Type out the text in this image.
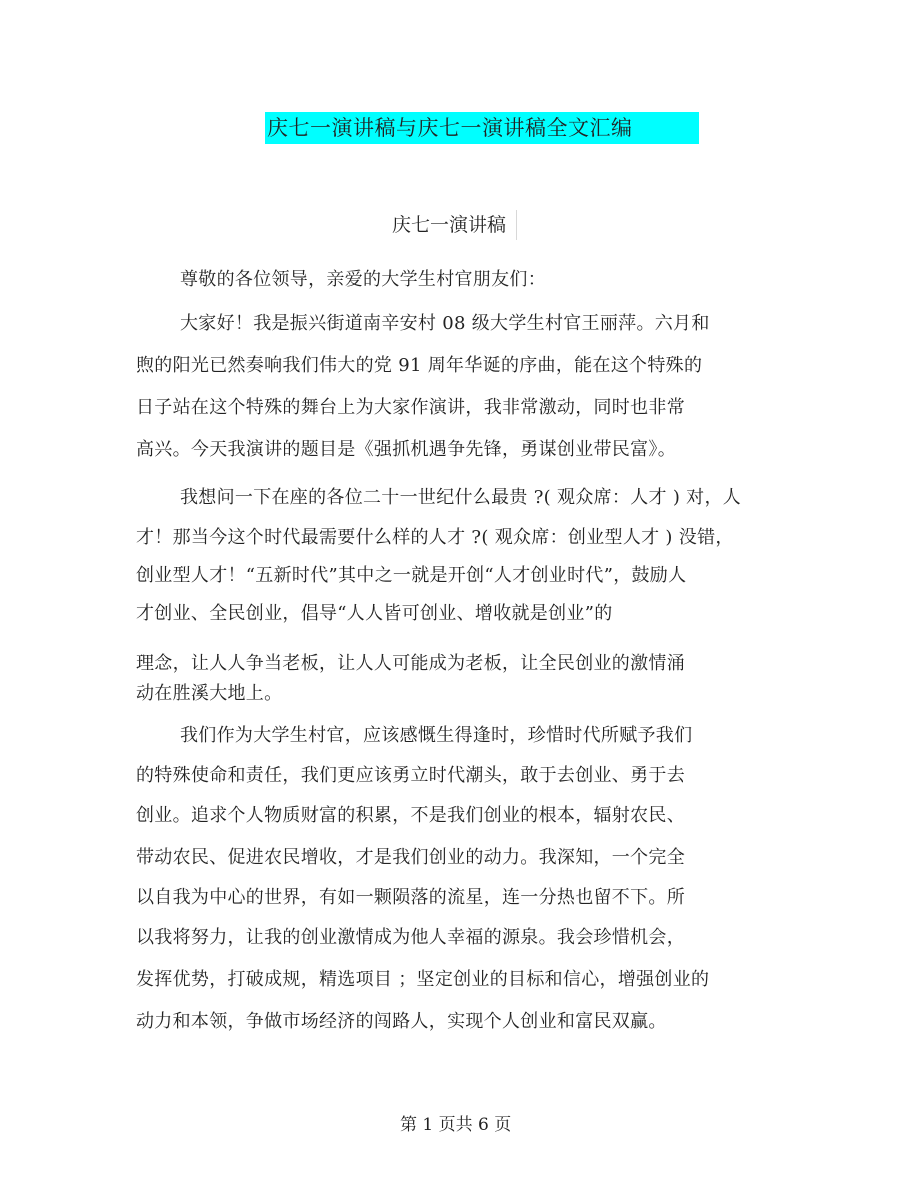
庆七一演讲稿与庆七一演讲稿全文汇编
庆七一演讲稿
尊敬的各位领导，亲爱的大学生村官朋友们：
大家好！我是振兴街道南辛安村 08 级大学生村官王丽萍。六月和
煦的阳光已然奏响我们伟大的党 91 周年华诞的序曲，能在这个特殊的
日子站在这个特殊的舞台上为大家作演讲，我非常激动，同时也非常
高兴。今天我演讲的题目是《强抓机遇争先锋，勇谋创业带民富》。
我想问一下在座的各位二十一世纪什么最贵 ?( 观众席：人才 ) 对，人
才！那当今这个时代最需要什么样的人才 ?( 观众席：创业型人才 ) 没错，
创业型人才！“五新时代”其中之一就是开创“人才创业时代”，鼓励人
才创业、全民创业，倡导“人人皆可创业、增收就是创业”的
理念，让人人争当老板，让人人可能成为老板，让全民创业的激情涌
动在胜溪大地上。
我们作为大学生村官，应该感慨生得逢时，珍惜时代所赋予我们
的特殊使命和责任，我们更应该勇立时代潮头，敢于去创业、勇于去
创业。追求个人物质财富的积累，不是我们创业的根本，辐射农民、
带动农民、促进农民增收，才是我们创业的动力。我深知，一个完全
以自我为中心的世界，有如一颗陨落的流星，连一分热也留不下。所
以我将努力，让我的创业激情成为他人幸福的源泉。我会珍惜机会，
发挥优势，打破成规，精选项目 ；坚定创业的目标和信心，增强创业的
动力和本领，争做市场经济的闯路人，实现个人创业和富民双赢。
第 1 页共 6 页
